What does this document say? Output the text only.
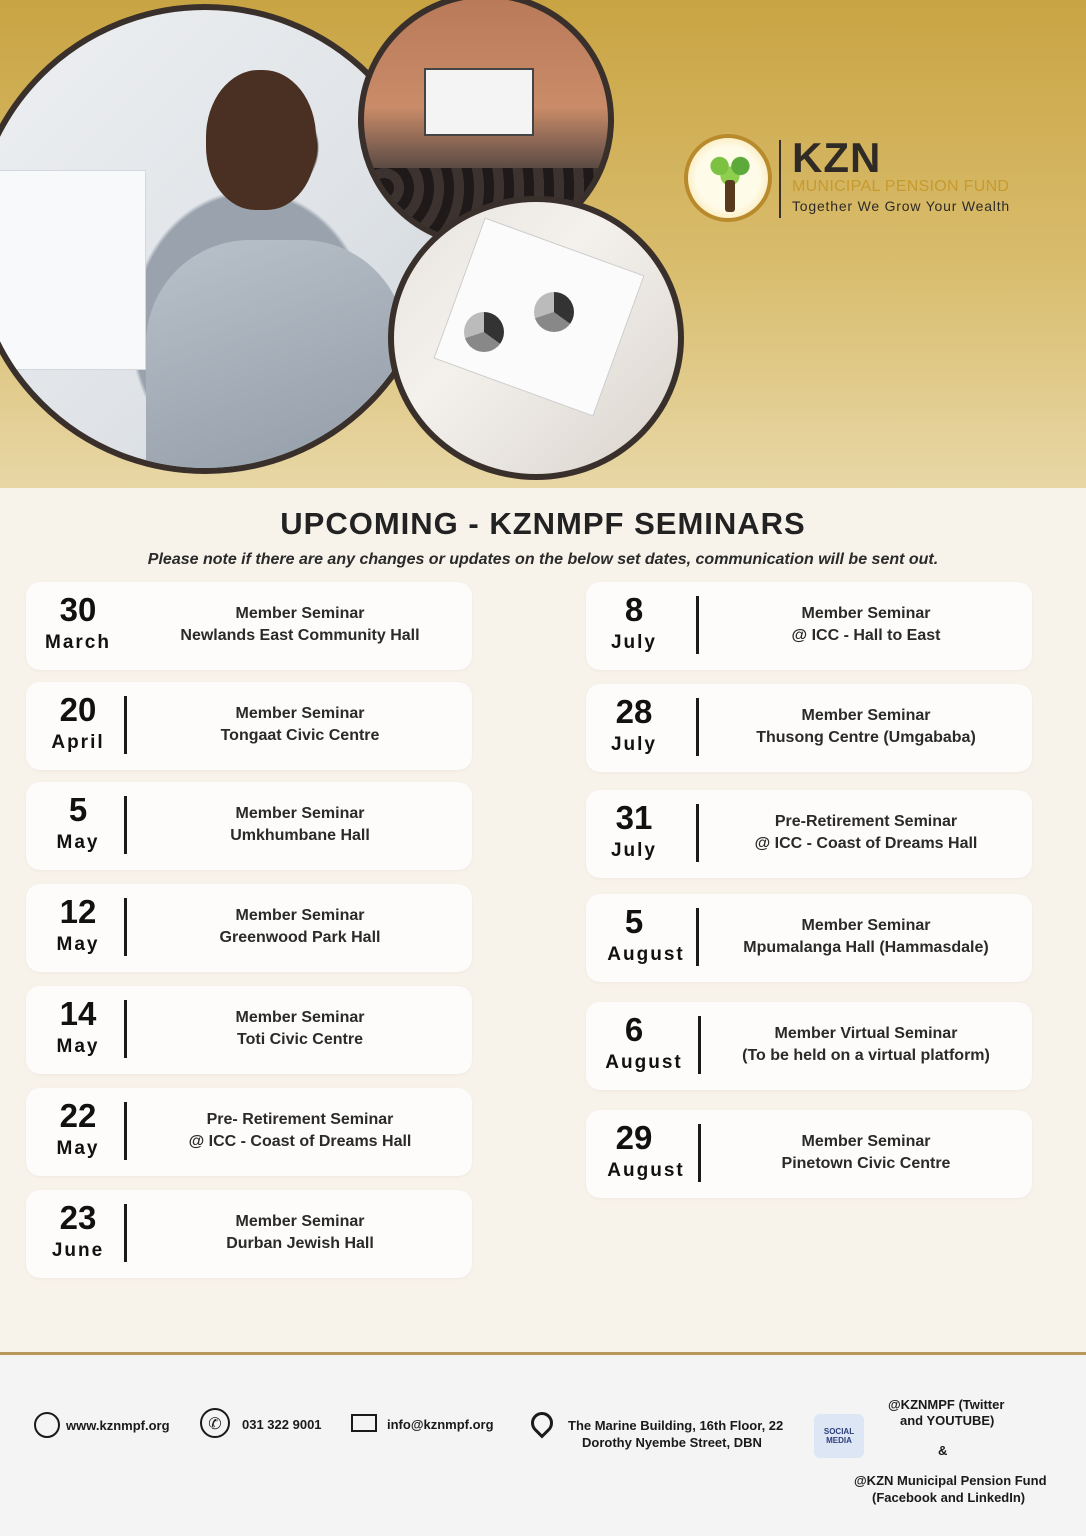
KZN
MUNICIPAL PENSION FUND
Together We Grow Your Wealth
UPCOMING - KZNMPF SEMINARS
Please note if there are any changes or updates on the below set dates, communication will be sent out.
30
March
Member Seminar
Newlands East Community Hall
20
April
Member Seminar
Tongaat Civic Centre
5
May
Member Seminar
Umkhumbane Hall
12
May
Member Seminar
Greenwood Park Hall
14
May
Member Seminar
Toti Civic Centre
22
May
Pre- Retirement Seminar
@ ICC - Coast of Dreams Hall
23
June
Member Seminar
Durban Jewish Hall
8
July
Member Seminar
@ ICC - Hall to East
28
July
Member Seminar
Thusong Centre (Umgababa)
31
July
Pre-Retirement Seminar
@ ICC - Coast of Dreams Hall
5
August
Member Seminar
Mpumalanga Hall (Hammasdale)
6
August
Member Virtual Seminar
(To be held on a virtual platform)
29
August
Member Seminar
Pinetown Civic Centre
www.kznmpf.org	✆	031 322 9001	info@kznmpf.org	The Marine Building, 16th Floor, 22
Dorothy Nyembe Street, DBN
SOCIAL MEDIA
@KZNMPF (Twitter
and YOUTUBE)
&
@KZN Municipal Pension Fund
(Facebook and LinkedIn)
